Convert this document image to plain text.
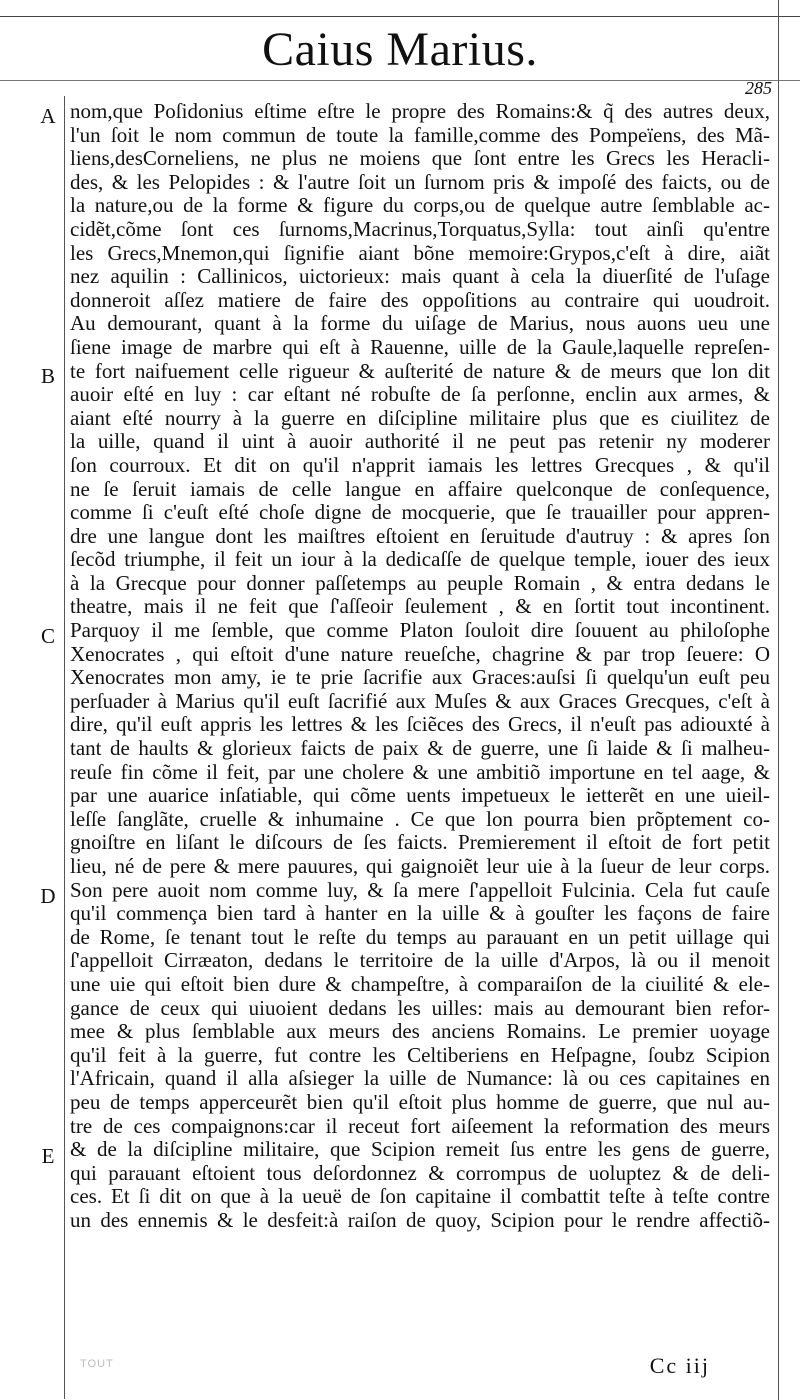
Caius Marius.
285
A
B
C
D
E
nom,que Poſidonius eſtime eſtre le propre des Romains:& q̃ des autres deux,
l'un ſoit le nom commun de toute la famille,comme des Pompeïens, des Mã-
liens,desCorneliens, ne plus ne moiens que ſont entre les Grecs les Heracli-
des, & les Pelopides : & l'autre ſoit un ſurnom pris & impoſé des faicts, ou de
la nature,ou de la forme & figure du corps,ou de quelque autre ſemblable ac-
cidẽt,cõme ſont ces ſurnoms,Macrinus,Torquatus,Sylla: tout ainſi qu'entre
les Grecs,Mnemon,qui ſignifie aiant bõne memoire:Grypos,c'eſt à dire, aiãt
nez aquilin : Callinicos, uictorieux: mais quant à cela la diuerſité de l'uſage
donneroit aſſez matiere de faire des oppoſitions au contraire qui uoudroit.
Au demourant, quant à la forme du uiſage de Marius, nous auons ueu une
ſiene image de marbre qui eſt à Rauenne, uille de la Gaule,laquelle repreſen-
te fort naifuement celle rigueur & auſterité de nature & de meurs que lon dit
auoir eſté en luy : car eſtant né robuſte de ſa perſonne, enclin aux armes, &
aiant eſté nourry à la guerre en diſcipline militaire plus que es ciuilitez de
la uille, quand il uint à auoir authorité il ne peut pas retenir ny moderer
ſon courroux. Et dit on qu'il n'apprit iamais les lettres Grecques , & qu'il
ne ſe ſeruit iamais de celle langue en affaire quelconque de conſequence,
comme ſi c'euſt eſté choſe digne de mocquerie, que ſe trauailler pour appren-
dre une langue dont les maiſtres eſtoient en ſeruitude d'autruy : & apres ſon
ſecõd triumphe, il feit un iour à la dedicaſſe de quelque temple, iouer des ieux
à la Grecque pour donner paſſetemps au peuple Romain , & entra dedans le
theatre, mais il ne feit que ſ'aſſeoir ſeulement , & en ſortit tout incontinent.
Parquoy il me ſemble, que comme Platon ſouloit dire ſouuent au philoſophe
Xenocrates , qui eſtoit d'une nature reueſche, chagrine & par trop ſeuere: O
Xenocrates mon amy, ie te prie ſacrifie aux Graces:auſsi ſi quelqu'un euſt peu
perſuader à Marius qu'il euſt ſacrifié aux Muſes & aux Graces Grecques, c'eſt à
dire, qu'il euſt appris les lettres & les ſciẽces des Grecs, il n'euſt pas adiouxté à
tant de haults & glorieux faicts de paix & de guerre, une ſi laide & ſi malheu-
reuſe fin cõme il feit, par une cholere & une ambitiõ importune en tel aage, &
par une auarice inſatiable, qui cõme uents impetueux le ietterẽt en une uieil-
leſſe ſanglãte, cruelle & inhumaine . Ce que lon pourra bien prõptement co-
gnoiſtre en liſant le diſcours de ſes faicts. Premierement il eſtoit de fort petit
lieu, né de pere & mere pauures, qui gaignoiẽt leur uie à la ſueur de leur corps.
Son pere auoit nom comme luy, & ſa mere ſ'appelloit Fulcinia. Cela fut cauſe
qu'il commença bien tard à hanter en la uille & à gouſter les façons de faire
de Rome, ſe tenant tout le reſte du temps au parauant en un petit uillage qui
ſ'appelloit Cirræaton, dedans le territoire de la uille d'Arpos, là ou il menoit
une uie qui eſtoit bien dure & champeſtre, à comparaiſon de la ciuilité & ele-
gance de ceux qui uiuoient dedans les uilles: mais au demourant bien refor-
mee & plus ſemblable aux meurs des anciens Romains. Le premier uoyage
qu'il feit à la guerre, fut contre les Celtiberiens en Heſpagne, ſoubz Scipion
l'Africain, quand il alla aſsieger la uille de Numance: là ou ces capitaines en
peu de temps apperceurẽt bien qu'il eſtoit plus homme de guerre, que nul au-
tre de ces compaignons:car il receut fort aiſeement la reformation des meurs
& de la diſcipline militaire, que Scipion remeit ſus entre les gens de guerre,
qui parauant eſtoient tous deſordonnez & corrompus de uoluptez & de deli-
ces. Et ſi dit on que à la ueuë de ſon capitaine il combattit teſte à teſte contre
un des ennemis & le desfeit:à raiſon de quoy, Scipion pour le rendre affectiõ-
TOUT	Cc iij
